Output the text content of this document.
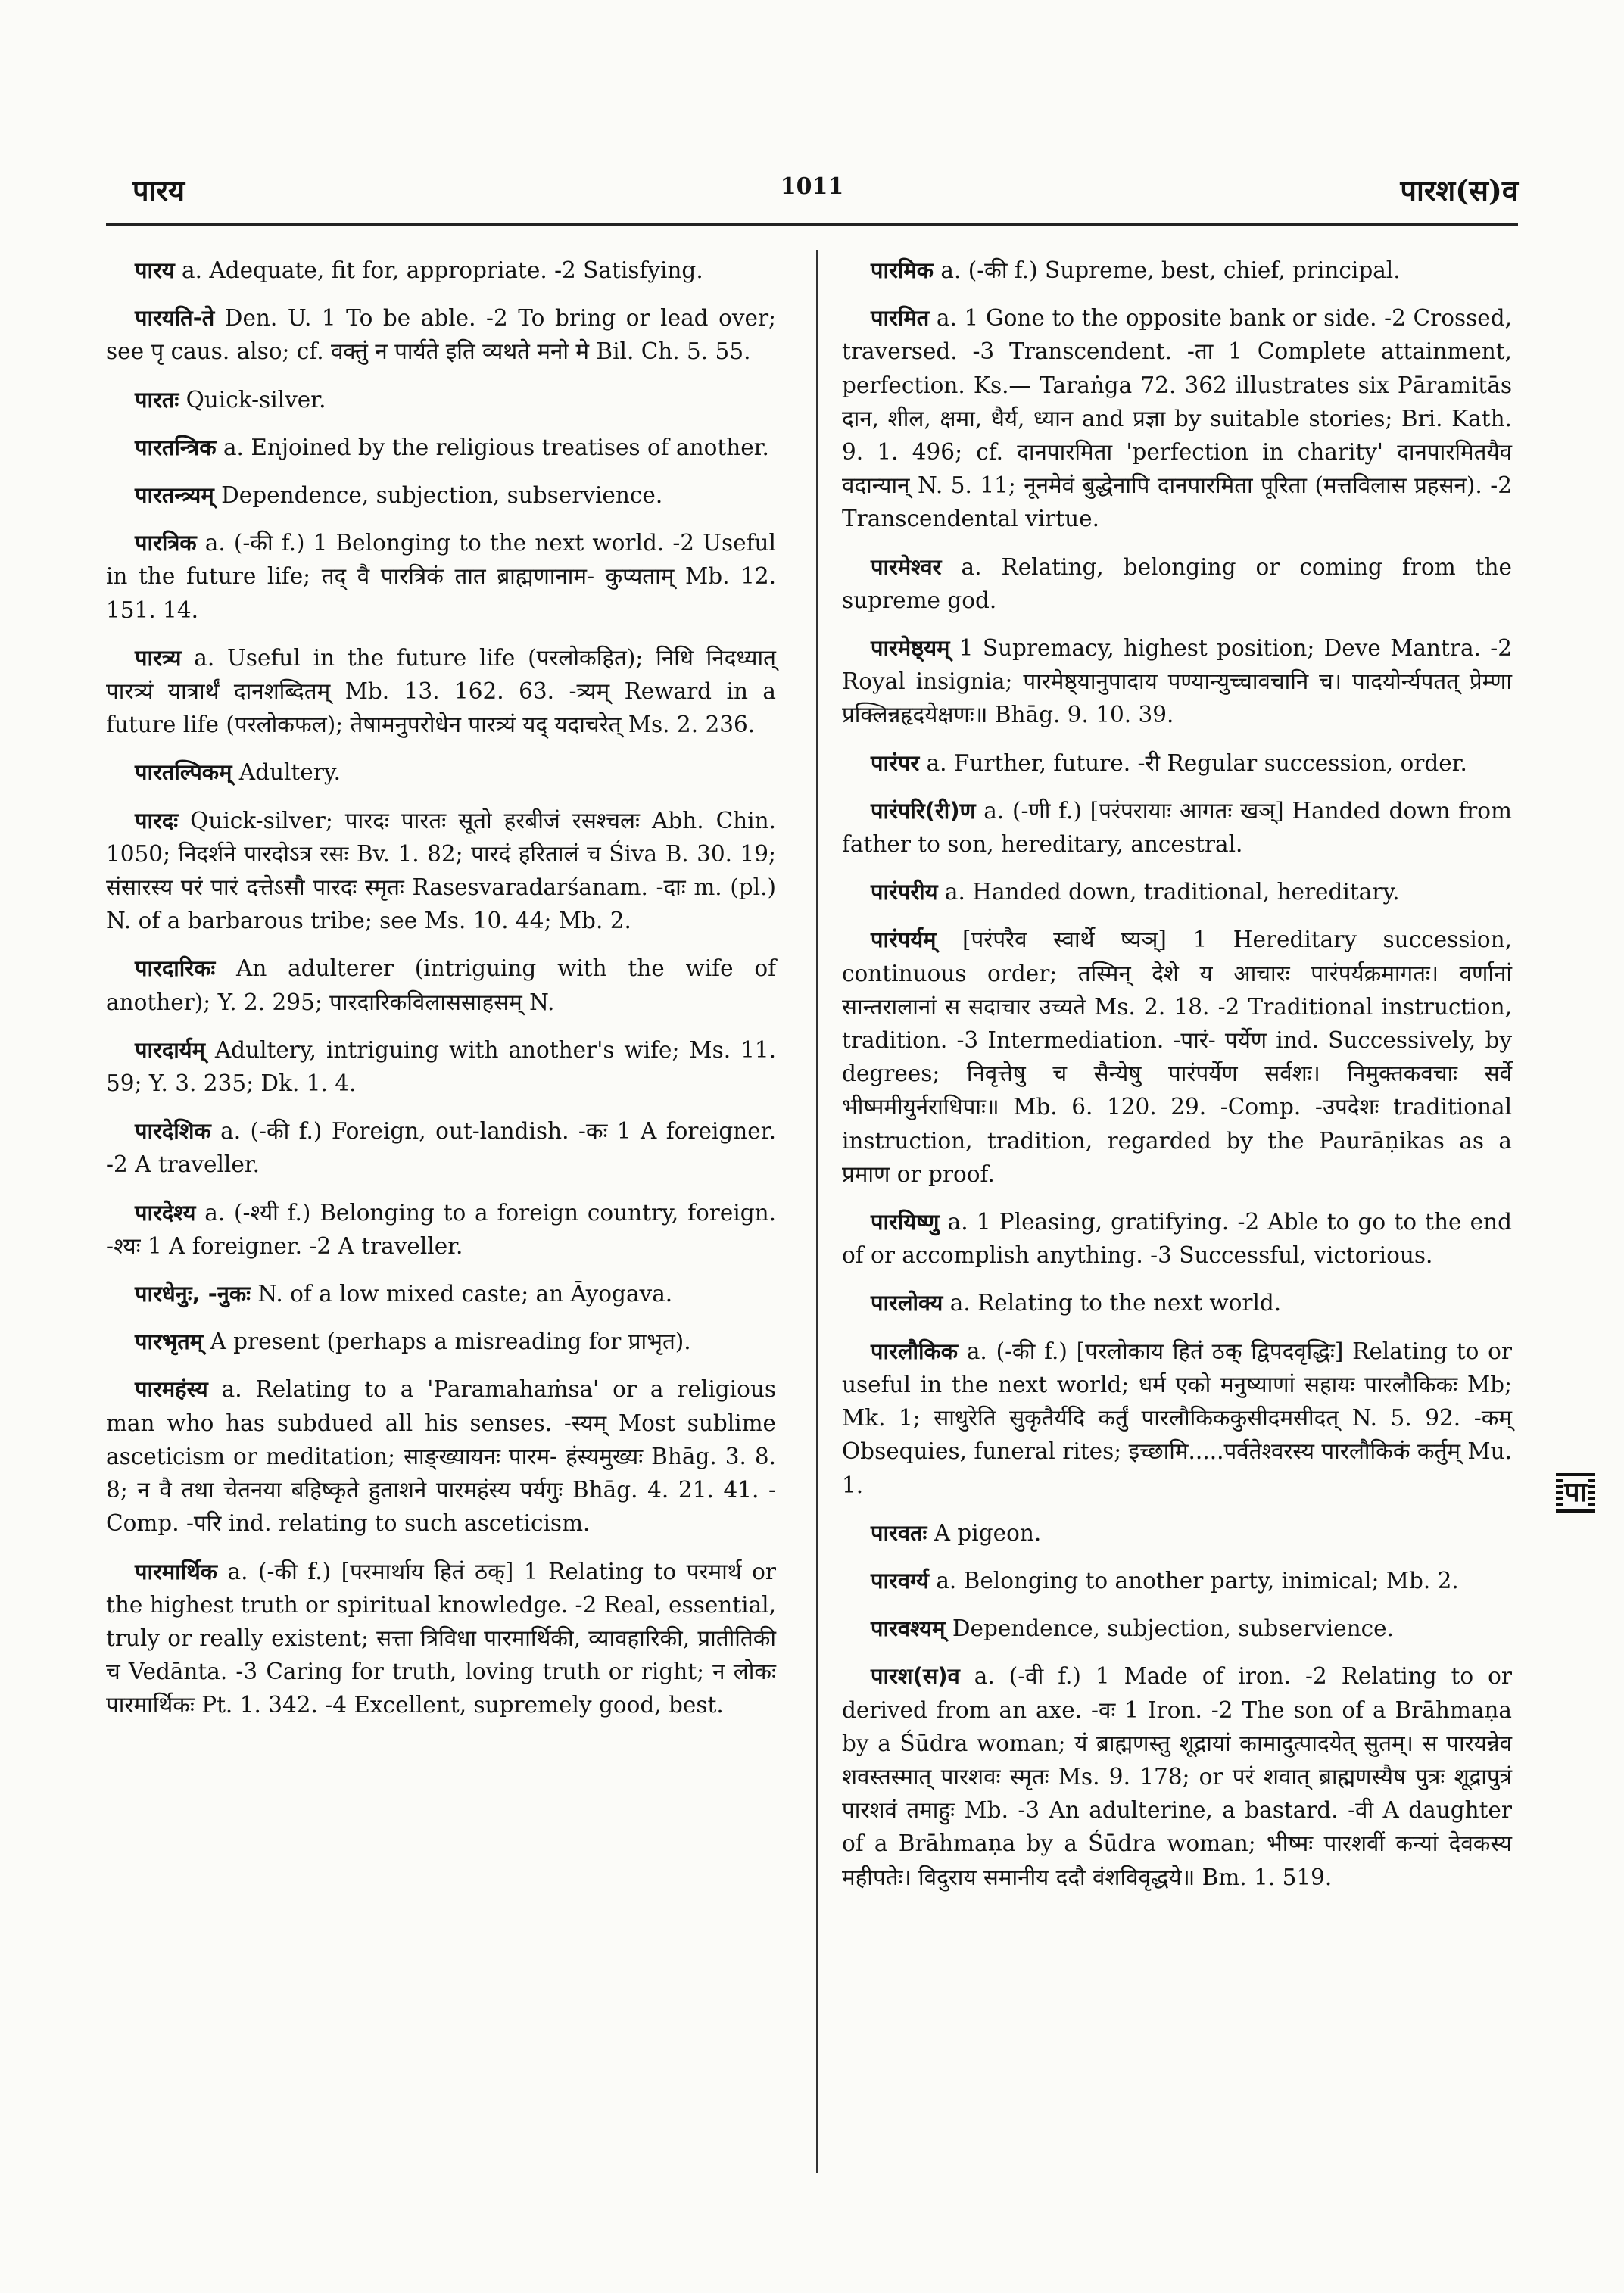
पारय	1011	पारश(स)व

पारय a. Adequate, fit for, appropriate. -2 Satisfying.

पारयति-ते Den. U. 1 To be able. -2 To bring or lead over; see पृ caus. also; cf. वक्तुं न पार्यते इति व्यथते मनो मे Bil. Ch. 5. 55.

पारतः Quick-silver.

पारतन्त्रिक a. Enjoined by the religious treatises of another.

पारतन्त्र्यम् Dependence, subjection, subservience.

पारत्रिक a. (-की f.) 1 Belonging to the next world. -2 Useful in the future life; तद् वै पारत्रिकं तात ब्राह्मणानाम- कुप्यताम् Mb. 12. 151. 14.

पारत्र्य a. Useful in the future life (परलोकहित); निधि निदध्यात् पारत्र्यं यात्रार्थं दानशब्दितम् Mb. 13. 162. 63. -त्र्यम् Reward in a future life (परलोकफल); तेषामनुपरोधेन पारत्र्यं यद् यदाचरेत् Ms. 2. 236.

पारतल्पिकम् Adultery.

पारदः Quick-silver; पारदः पारतः सूतो हरबीजं रसश्चलः Abh. Chin. 1050; निदर्शने पारदोऽत्र रसः Bv. 1. 82; पारदं हरितालं च Śiva B. 30. 19; संसारस्य परं पारं दत्तेऽसौ पारदः स्मृतः Rasesvaradarśanam. -दाः m. (pl.) N. of a barbarous tribe; see Ms. 10. 44; Mb. 2.

पारदारिकः An adulterer (intriguing with the wife of another); Y. 2. 295; पारदारिकविलाससाहसम् N.

पारदार्यम् Adultery, intriguing with another's wife; Ms. 11. 59; Y. 3. 235; Dk. 1. 4.

पारदेशिक a. (-की f.) Foreign, out-landish. -कः 1 A foreigner. -2 A traveller.

पारदेश्य a. (-श्यी f.) Belonging to a foreign country, foreign. -श्यः 1 A foreigner. -2 A traveller.

पारधेनुः, -नुकः N. of a low mixed caste; an Āyogava.

पारभृतम् A present (perhaps a misreading for प्राभृत).

पारमहंस्य a. Relating to a 'Paramahaṁsa' or a religious man who has subdued all his senses. -स्यम् Most sublime asceticism or meditation; साङ्ख्यायनः पारम- हंस्यमुख्यः Bhāg. 3. 8. 8; न वै तथा चेतनया बहिष्कृते हुताशने पारमहंस्य पर्यगुः Bhāg. 4. 21. 41. -Comp. -परि ind. relating to such asceticism.

पारमार्थिक a. (-की f.) [परमार्थाय हितं ठक्] 1 Relating to परमार्थ or the highest truth or spiritual knowledge. -2 Real, essential, truly or really existent; सत्ता त्रिविधा पारमार्थिकी, व्यावहारिकी, प्रातीतिकी च Vedānta. -3 Caring for truth, loving truth or right; न लोकः पारमार्थिकः Pt. 1. 342. -4 Excellent, supremely good, best.

पारमिक a. (-की f.) Supreme, best, chief, principal.

पारमित a. 1 Gone to the opposite bank or side. -2 Crossed, traversed. -3 Transcendent. -ता 1 Complete attainment, perfection. Ks.— Taraṅga 72. 362 illustrates six Pāramitās दान, शील, क्षमा, धैर्य, ध्यान and प्रज्ञा by suitable stories; Bri. Kath. 9. 1. 496; cf. दानपारमिता 'perfection in charity' दानपारमितयैव वदान्यान् N. 5. 11; नूनमेवं बुद्धेनापि दानपारमिता पूरिता (मत्तविलास प्रहसन). -2 Transcendental virtue.

पारमेश्वर a. Relating, belonging or coming from the supreme god.

पारमेष्ठ्यम् 1 Supremacy, highest position; Deve Mantra. -2 Royal insignia; पारमेष्ठ्यानुपादाय पण्यान्युच्चावचानि च। पादयोर्न्यपतत् प्रेम्णा प्रक्लिन्नहृदयेक्षणः॥ Bhāg. 9. 10. 39.

पारंपर a. Further, future. -री Regular succession, order.

पारंपरि(री)ण a. (-णी f.) [परंपरायाः आगतः खञ्] Handed down from father to son, hereditary, ancestral.

पारंपरीय a. Handed down, traditional, hereditary.

पारंपर्यम् [परंपरैव स्वार्थे ष्यञ्] 1 Hereditary succession, continuous order; तस्मिन् देशे य आचारः पारंपर्यक्रमागतः। वर्णानां सान्तरालानां स सदाचार उच्यते Ms. 2. 18. -2 Traditional instruction, tradition. -3 Intermediation. -पारं- पर्येण ind. Successively, by degrees; निवृत्तेषु च सैन्येषु पारंपर्येण सर्वशः। निमुक्तकवचाः सर्वे भीष्ममीयुर्नराधिपाः॥ Mb. 6. 120. 29. -Comp. -उपदेशः traditional instruction, tradition, regarded by the Paurāṇikas as a प्रमाण or proof.

पारयिष्णु a. 1 Pleasing, gratifying. -2 Able to go to the end of or accomplish anything. -3 Successful, victorious.

पारलोक्य a. Relating to the next world.

पारलौकिक a. (-की f.) [परलोकाय हितं ठक् द्विपदवृद्धिः] Relating to or useful in the next world; धर्म एको मनुष्याणां सहायः पारलौकिकः Mb; Mk. 1; साधुरेति सुकृतैर्यदि कर्तुं पारलौकिककुसीदमसीदत् N. 5. 92. -कम् Obsequies, funeral rites; इच्छामि.....पर्वतेश्वरस्य पारलौकिकं कर्तुम् Mu. 1.

पारवतः A pigeon.

पारवर्ग्य a. Belonging to another party, inimical; Mb. 2.

पारवश्यम् Dependence, subjection, subservience.

पारश(स)व a. (-वी f.) 1 Made of iron. -2 Relating to or derived from an axe. -वः 1 Iron. -2 The son of a Brāhmaṇa by a Śūdra woman; यं ब्राह्मणस्तु शूद्रायां कामादुत्पादयेत् सुतम्। स पारयन्नेव शवस्तस्मात् पारशवः स्मृतः Ms. 9. 178; or परं शवात् ब्राह्मणस्यैष पुत्रः शूद्रापुत्रं पारशवं तमाहुः Mb. -3 An adulterine, a bastard. -वी A daughter of a Brāhmaṇa by a Śūdra woman; भीष्मः पारशवीं कन्यां देवकस्य महीपतेः। विदुराय समानीय ददौ वंशविवृद्धये॥ Bm. 1. 519.

पा
